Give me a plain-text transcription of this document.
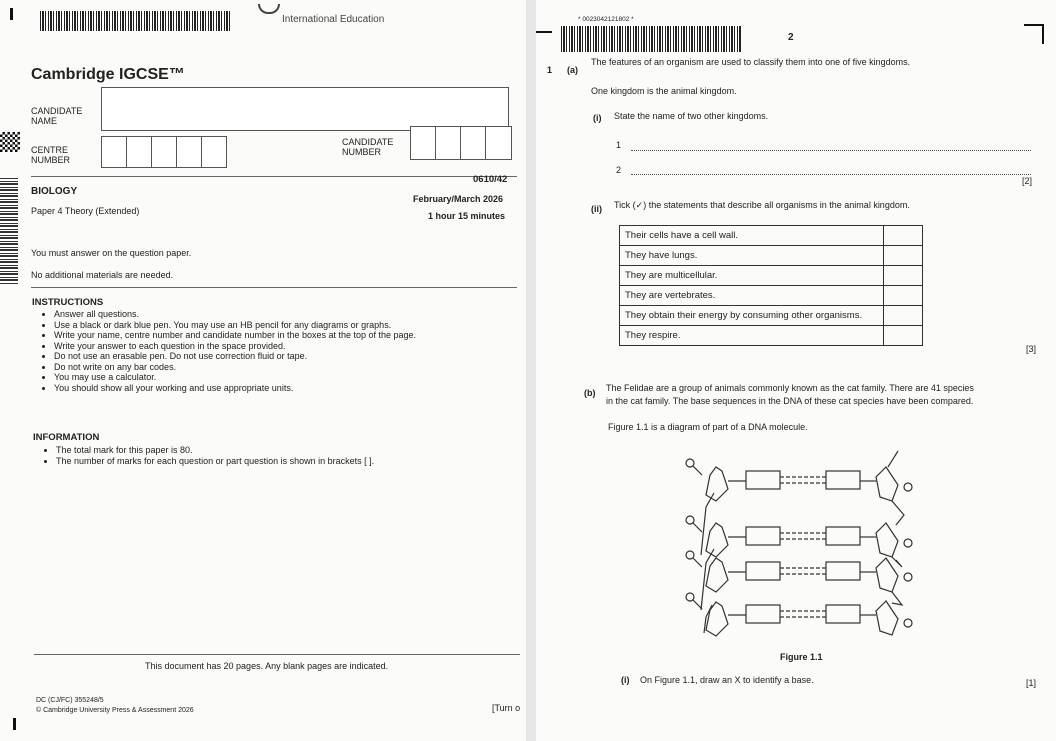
International Education
Cambridge IGCSE™
CANDIDATE NAME
CENTRE NUMBER
CANDIDATE NUMBER
BIOLOGY
0610/42
Paper 4 Theory (Extended)
February/March 2026
1 hour 15 minutes
You must answer on the question paper.
No additional materials are needed.
INSTRUCTIONS
• Answer all questions.
• Use a black or dark blue pen. You may use an HB pencil for any diagrams or graphs.
• Write your name, centre number and candidate number in the boxes at the top of the page.
• Write your answer to each question in the space provided.
• Do not use an erasable pen. Do not use correction fluid or tape.
• Do not write on any bar codes.
• You may use a calculator.
• You should show all your working and use appropriate units.
INFORMATION
• The total mark for this paper is 80.
• The number of marks for each question or part question is shown in brackets [ ].
This document has 20 pages. Any blank pages are indicated.
DC (CJ/FC) 355248/5
© Cambridge University Press & Assessment 2026	[Turn o
* 0023042121802 *
2
1 (a)
The features of an organism are used to classify them into one of five kingdoms.
One kingdom is the animal kingdom.
(i) State the name of two other kingdoms.
1
2
[2]
(ii) Tick (✓) the statements that describe all organisms in the animal kingdom.
Their cells have a cell wall.	
They have lungs.	
They are multicellular.	
They are vertebrates.	
They obtain their energy by consuming other organisms.	
They respire.	
[3]
(b) The Felidae are a group of animals commonly known as the cat family. There are 41 species
in the cat family. The base sequences in the DNA of these cat species have been compared.
Figure 1.1 is a diagram of part of a DNA molecule.
Figure 1.1
(i) On Figure 1.1, draw an X to identify a base.	[1]
